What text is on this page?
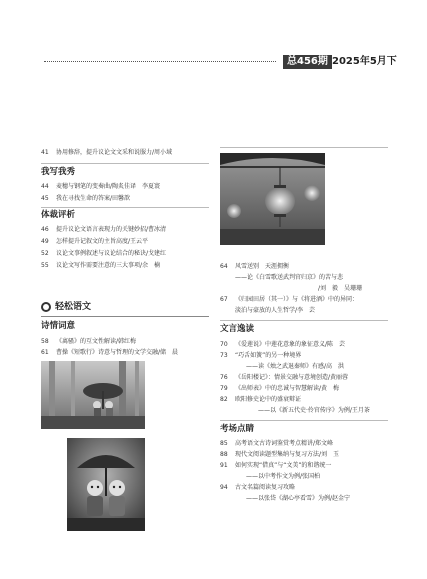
总456期 2025年5月下
41 协用修辞，提升议论文文采和说服力/周小域
我写我秀
44 麦穗与钢笔的变奏曲/陶炙佳译　李夏寰
45 我在寻找生命的答案/田馨歆
体裁评析
46 提升议论文语言表现力的关键妙招/曹冰清
49 怎样提升记叙文的主旨高度/王云平
52 议论文事例叙述与议论结合的秘诀/戈建红
55 议论文写作需要注意的三大事项/余　楠
轻松语文
诗情词意
58 《离骚》的互文性解读/韩红梅
61 曹操《短歌行》诗意与哲理的文学交融/储　晨
64 风雪送别　天涯拥衡
——论《白雪歌送武判官归京》的苦与悲
/刘　毅　吴珊珊
67 《归园田居（其一）》与《将进酒》中的异同：
淡泊与豪放的人生哲学/李　芸
文言逸读
70 《爱莲说》中莲花意象的象征意义/陈　芸
73 “巧舌如簧”的另一种境界
——读《烛之武退秦师》有感/高　洪
76 《岳阳楼记》：情景交融与意境创造/黄丽蓉
79 《出师表》中的忠诚与智慧解读/黄　梅
82 欧阳修史论中的盛衰辩证
——以《新五代史·伶官传序》为例/王月茶
考场点睛
85 高考语文古诗词鉴赏考点精讲/郑文峰
88 现代文阅读题型集纳与复习方法/刘　玉
91 如何实现“借真”与“文美”的和谐统一
——以中考作文为例/张国柏
94 古文名篇阅读复习攻略
——以张岱《湖心亭看雪》为例/赵金宁
